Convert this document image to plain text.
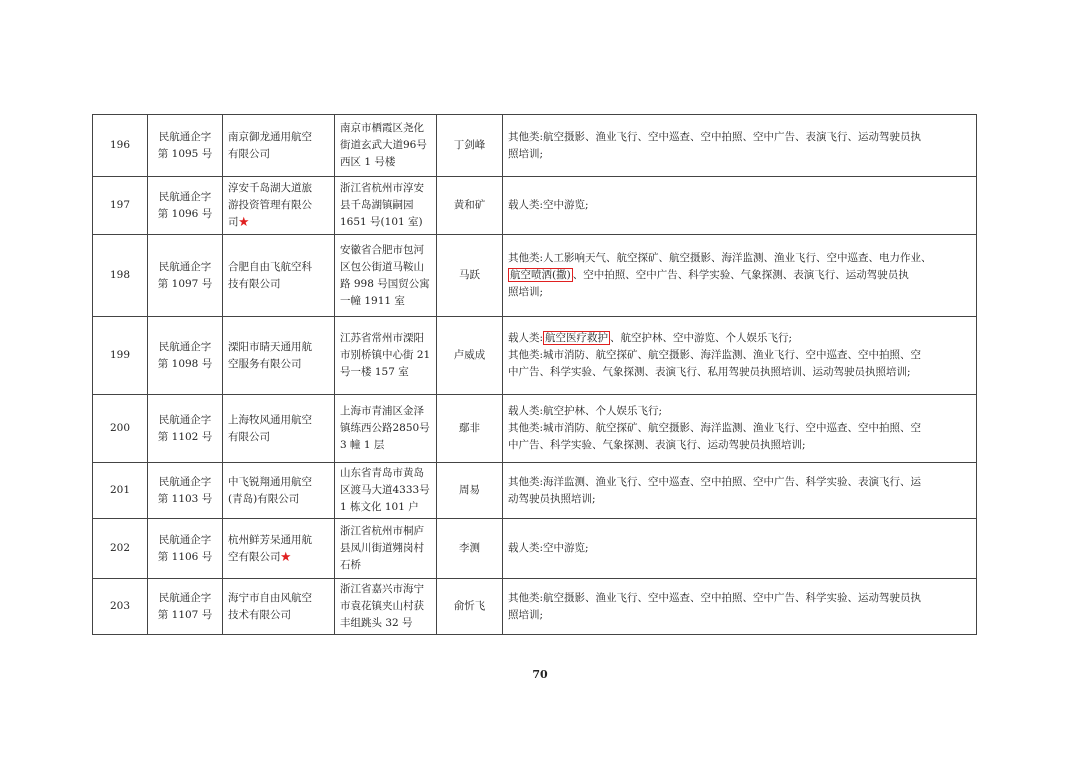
196	民航通企字
第 1095 号	南京御龙通用航空
有限公司	南京市栖霞区尧化
街道玄武大道96号
西区 1 号楼	丁剑峰	其他类:航空摄影、渔业飞行、空中巡查、空中拍照、空中广告、表演飞行、运动驾驶员执
照培训;

197	民航通企字
第 1096 号	淳安千岛湖大道旅
游投资管理有限公
司★	浙江省杭州市淳安
县千岛湖镇嗣园
1651 号(101 室)	黄和矿	载人类:空中游览;

198	民航通企字
第 1097 号	合肥自由飞航空科
技有限公司	安徽省合肥市包河
区包公街道马鞍山
路 998 号国贸公寓
一幢 1911 室	马跃	其他类:人工影响天气、航空探矿、航空摄影、海洋监测、渔业飞行、空中巡查、电力作业、
航空喷洒(撒) 、空中拍照、空中广告、科学实验、气象探测、表演飞行、运动驾驶员执
照培训;

199	民航通企字
第 1098 号	溧阳市睛天通用航
空服务有限公司	江苏省常州市溧阳
市别桥镇中心街 21
号一楼 157 室	卢威成	载人类: 航空医疗救护 、航空护林、空中游览、个人娱乐飞行;
其他类:城市消防、航空探矿、航空摄影、海洋监测、渔业飞行、空中巡查、空中拍照、空
中广告、科学实验、气象探测、表演飞行、私用驾驶员执照培训、运动驾驶员执照培训;

200	民航通企字
第 1102 号	上海牧风通用航空
有限公司	上海市青浦区金泽
镇练西公路2850号
3 幢 1 层	鄢非	载人类:航空护林、个人娱乐飞行;
其他类:城市消防、航空探矿、航空摄影、海洋监测、渔业飞行、空中巡查、空中拍照、空
中广告、科学实验、气象探测、表演飞行、运动驾驶员执照培训;

201	民航通企字
第 1103 号	中飞锐翔通用航空
(青岛)有限公司	山东省青岛市黄岛
区渡马大道4333号
1 栋文化 101 户	周易	其他类:海洋监测、渔业飞行、空中巡查、空中拍照、空中广告、科学实验、表演飞行、运
动驾驶员执照培训;

202	民航通企字
第 1106 号	杭州鲜芳呆通用航
空有限公司★	浙江省杭州市桐庐
县凤川街道翙岗村
石桥	李测	载人类:空中游览;

203	民航通企字
第 1107 号	海宁市自由风航空
技术有限公司	浙江省嘉兴市海宁
市袁花镇夹山村获
丰组跳头 32 号	俞忻飞	其他类:航空摄影、渔业飞行、空中巡查、空中拍照、空中广告、科学实验、运动驾驶员执
照培训;
70
